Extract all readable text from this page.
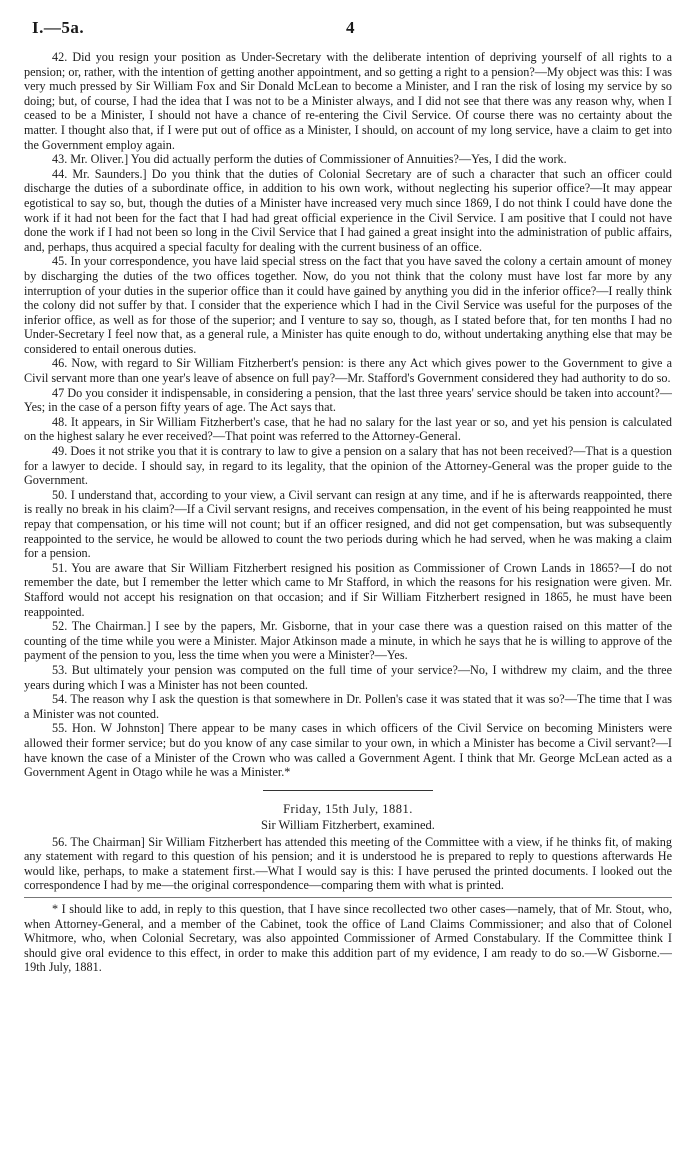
I.—5a.	4

42. Did you resign your position as Under-Secretary with the deliberate intention of depriving yourself of all rights to a pension; or, rather, with the intention of getting another appointment, and so getting a right to a pension?—My object was this: I was very much pressed by Sir William Fox and Sir Donald McLean to become a Minister, and I ran the risk of losing my service by so doing; but, of course, I had the idea that I was not to be a Minister always, and I did not see that there was any reason why, when I ceased to be a Minister, I should not have a chance of re-entering the Civil Service. Of course there was no certainty about the matter. I thought also that, if I were put out of office as a Minister, I should, on account of my long service, have a claim to get into the Government employ again.

43. Mr. Oliver.] You did actually perform the duties of Commissioner of Annuities?—Yes, I did the work.

44. Mr. Saunders.] Do you think that the duties of Colonial Secretary are of such a character that such an officer could discharge the duties of a subordinate office, in addition to his own work, without neglecting his superior office?—It may appear egotistical to say so, but, though the duties of a Minister have increased very much since 1869, I do not think I could have done the work if it had not been for the fact that I had had great official experience in the Civil Service. I am positive that I could not have done the work if I had not been so long in the Civil Service that I had gained a great insight into the administration of public affairs, and, perhaps, thus acquired a special faculty for dealing with the current business of an office.

45. In your correspondence, you have laid special stress on the fact that you have saved the colony a certain amount of money by discharging the duties of the two offices together. Now, do you not think that the colony must have lost far more by any interruption of your duties in the superior office than it could have gained by anything you did in the inferior office?—I really think the colony did not suffer by that. I consider that the experience which I had in the Civil Service was useful for the purposes of the inferior office, as well as for those of the superior; and I venture to say so, though, as I stated before that, for ten months I had no Under-Secretary I feel now that, as a general rule, a Minister has quite enough to do, without undertaking anything else that may be considered to entail onerous duties.

46. Now, with regard to Sir William Fitzherbert's pension: is there any Act which gives power to the Government to give a Civil servant more than one year's leave of absence on full pay?—Mr. Stafford's Government considered they had authority to do so.

47 Do you consider it indispensable, in considering a pension, that the last three years' service should be taken into account?—Yes; in the case of a person fifty years of age. The Act says that.

48. It appears, in Sir William Fitzherbert's case, that he had no salary for the last year or so, and yet his pension is calculated on the highest salary he ever received?—That point was referred to the Attorney-General.

49. Does it not strike you that it is contrary to law to give a pension on a salary that has not been received?—That is a question for a lawyer to decide. I should say, in regard to its legality, that the opinion of the Attorney-General was the proper guide to the Government.

50. I understand that, according to your view, a Civil servant can resign at any time, and if he is afterwards reappointed, there is really no break in his claim?—If a Civil servant resigns, and receives compensation, in the event of his being reappointed he must repay that compensation, or his time will not count; but if an officer resigned, and did not get compensation, but was subsequently reappointed to the service, he would be allowed to count the two periods during which he had served, when he was making a claim for a pension.

51. You are aware that Sir William Fitzherbert resigned his position as Commissioner of Crown Lands in 1865?—I do not remember the date, but I remember the letter which came to Mr Stafford, in which the reasons for his resignation were given. Mr. Stafford would not accept his resignation on that occasion; and if Sir William Fitzherbert resigned in 1865, he must have been reappointed.

52. The Chairman.] I see by the papers, Mr. Gisborne, that in your case there was a question raised on this matter of the counting of the time while you were a Minister. Major Atkinson made a minute, in which he says that he is willing to approve of the payment of the pension to you, less the time when you were a Minister?—Yes.

53. But ultimately your pension was computed on the full time of your service?—No, I withdrew my claim, and the three years during which I was a Minister has not been counted.

54. The reason why I ask the question is that somewhere in Dr. Pollen's case it was stated that it was so?—The time that I was a Minister was not counted.

55. Hon. W Johnston] There appear to be many cases in which officers of the Civil Service on becoming Ministers were allowed their former service; but do you know of any case similar to your own, in which a Minister has become a Civil servant?—I have known the case of a Minister of the Crown who was called a Government Agent. I think that Mr. George McLean acted as a Government Agent in Otago while he was a Minister.*

Friday, 15th July, 1881.
Sir William Fitzherbert, examined.

56. The Chairman] Sir William Fitzherbert has attended this meeting of the Committee with a view, if he thinks fit, of making any statement with regard to this question of his pension; and it is understood he is prepared to reply to questions afterwards He would like, perhaps, to make a statement first.—What I would say is this: I have perused the printed documents. I looked out the correspondence I had by me—the original correspondence—comparing them with what is printed.

* I should like to add, in reply to this question, that I have since recollected two other cases—namely, that of Mr. Stout, who, when Attorney-General, and a member of the Cabinet, took the office of Land Claims Commissioner; and also that of Colonel Whitmore, who, when Colonial Secretary, was also appointed Commissioner of Armed Constabulary. If the Committee think I should give oral evidence to this effect, in order to make this addition part of my evidence, I am ready to do so.—W Gisborne.—19th July, 1881.
